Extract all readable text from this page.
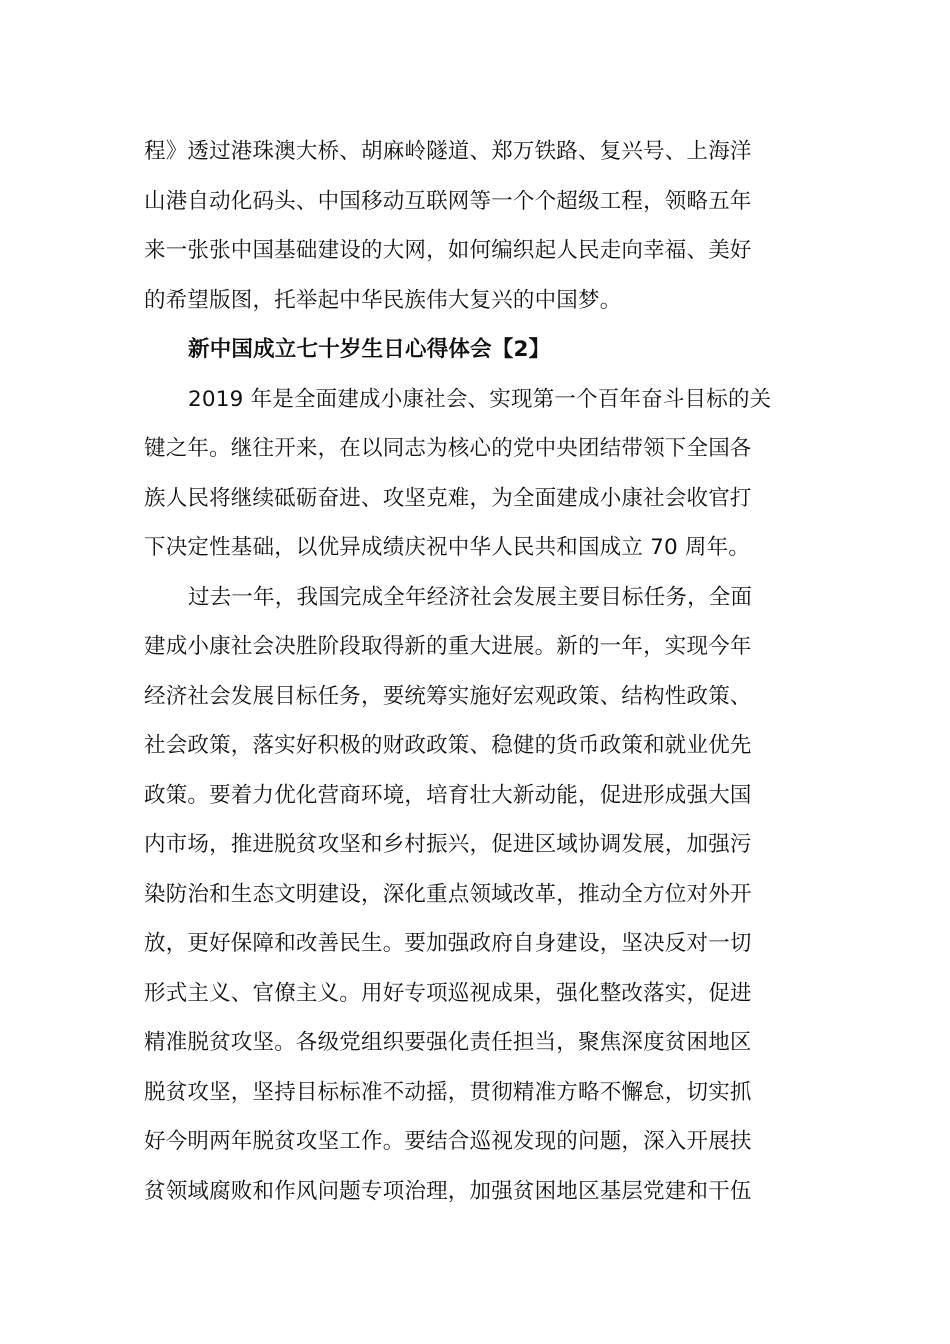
程》透过港珠澳大桥、胡麻岭隧道、郑万铁路、复兴号、上海洋
山港自动化码头、中国移动互联网等一个个超级工程，领略五年
来一张张中国基础建设的大网，如何编织起人民走向幸福、美好
的希望版图，托举起中华民族伟大复兴的中国梦。
新中国成立七十岁生日心得体会【2】
2019 年是全面建成小康社会、实现第一个百年奋斗目标的关
键之年。继往开来，在以同志为核心的党中央团结带领下全国各
族人民将继续砥砺奋进、攻坚克难，为全面建成小康社会收官打
下决定性基础，以优异成绩庆祝中华人民共和国成立 70 周年。
过去一年，我国完成全年经济社会发展主要目标任务，全面
建成小康社会决胜阶段取得新的重大进展。新的一年，实现今年
经济社会发展目标任务，要统筹实施好宏观政策、结构性政策、
社会政策，落实好积极的财政政策、稳健的货币政策和就业优先
政策。要着力优化营商环境，培育壮大新动能，促进形成强大国
内市场，推进脱贫攻坚和乡村振兴，促进区域协调发展，加强污
染防治和生态文明建设，深化重点领域改革，推动全方位对外开
放，更好保障和改善民生。要加强政府自身建设，坚决反对一切
形式主义、官僚主义。用好专项巡视成果，强化整改落实，促进
精准脱贫攻坚。各级党组织要强化责任担当，聚焦深度贫困地区
脱贫攻坚，坚持目标标准不动摇，贯彻精准方略不懈怠，切实抓
好今明两年脱贫攻坚工作。要结合巡视发现的问题，深入开展扶
贫领域腐败和作风问题专项治理，加强贫困地区基层党建和干伍
